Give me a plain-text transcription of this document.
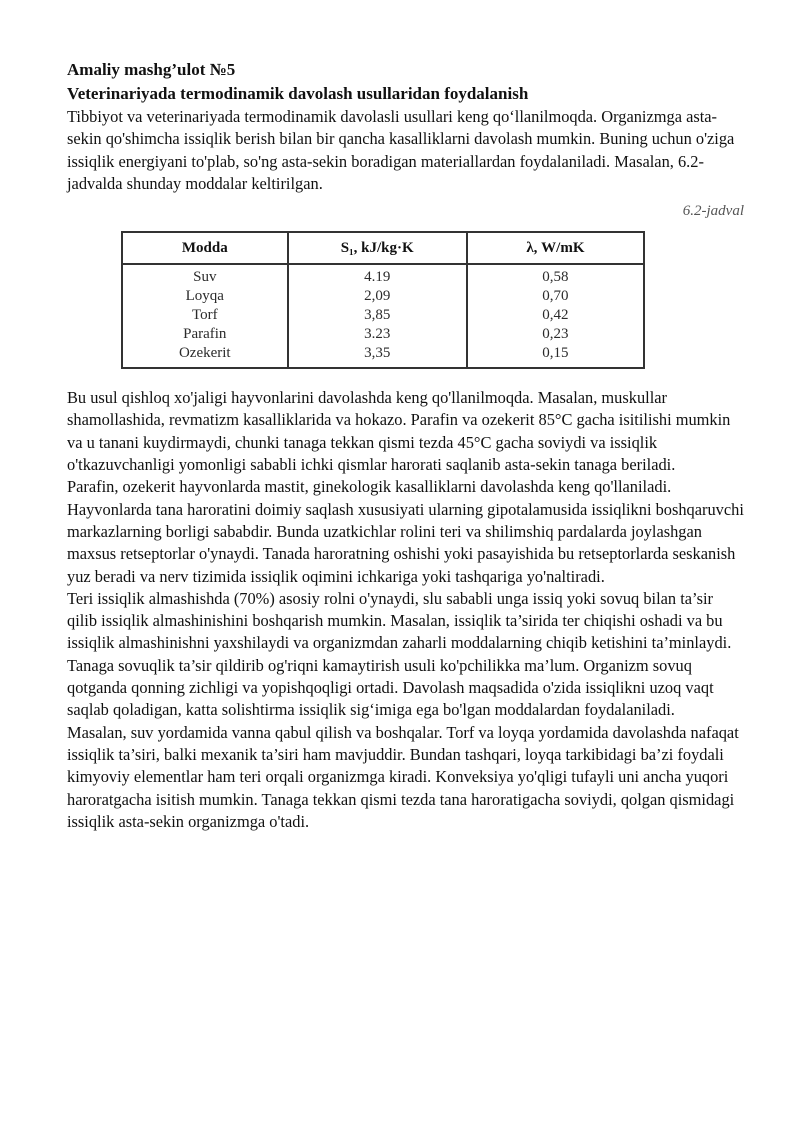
Amaliy mashg’ulot №5

Veterinariyada termodinamik davolash usullaridan foydalanish

Tibbiyot va veterinariyada termodinamik davolasli usullari keng qo‘llanilmoqda. Organizmga asta-sekin qo'shimcha issiqlik berish bilan bir qancha kasalliklarni davolash mumkin. Buning uchun o'ziga issiqlik energiyani to'plab, so'ng asta-sekin boradigan materiallardan foydalaniladi. Masalan, 6.2-jadvalda shunday moddalar keltirilgan.

6.2-jadval
Modda	S₁, kJ/kg·K	λ, W/mK
Suv	4.19	0,58
Loyqa	2,09	0,70
Torf	3,85	0,42
Parafin	3.23	0,23
Ozekerit	3,35	0,15

Bu usul qishloq xo'jaligi hayvonlarini davolashda keng qo'llanilmoqda. Masalan, muskullar shamollashida, revmatizm kasalliklarida va hokazo. Parafin va ozekerit 85°C gacha isitilishi mumkin va u tanani kuydirmaydi, chunki tanaga tekkan qismi tezda 45°C gacha soviydi va issiqlik o'tkazuvchanligi yomonligi sababli ichki qismlar harorati saqlanib asta-sekin tanaga beriladi.

Parafin, ozekerit hayvonlarda mastit, ginekologik kasalliklarni davolashda keng qo'llaniladi.

Hayvonlarda tana haroratini doimiy saqlash xususiyati ularning gipotalamusida issiqlikni boshqaruvchi markazlarning borligi sababdir. Bunda uzatkichlar rolini teri va shilimshiq pardalarda joylashgan maxsus retseptorlar o'ynaydi. Tanada haroratning oshishi yoki pasayishida bu retseptorlarda seskanish yuz beradi va nerv tizimida issiqlik oqimini ichkariga yoki tashqariga yo'naltiradi.

Teri issiqlik almashishda (70%) asosiy rolni o'ynaydi, slu sababli unga issiq yoki sovuq bilan ta’sir qilib issiqlik almashinishini boshqarish mumkin. Masalan, issiqlik ta’sirida ter chiqishi oshadi va bu issiqlik almashinishni yaxshilaydi va organizmdan zaharli moddalarning chiqib ketishini ta’minlaydi. Tanaga sovuqlik ta’sir qildirib og'riqni kamaytirish usuli ko'pchilikka ma’lum. Organizm sovuq qotganda qonning zichligi va yopishqoqligi ortadi. Davolash maqsadida o'zida issiqlikni uzoq vaqt saqlab qoladigan, katta solishtirma issiqlik sig‘imiga ega bo'lgan moddalardan foydalaniladi.

Masalan, suv yordamida vanna qabul qilish va boshqalar. Torf va loyqa yordamida davolashda nafaqat issiqlik ta’siri, balki mexanik ta’siri ham mavjuddir. Bundan tashqari, loyqa tarkibidagi ba’zi foydali kimyoviy elementlar ham teri orqali organizmga kiradi. Konveksiya yo'qligi tufayli uni ancha yuqori haroratgacha isitish mumkin. Tanaga tekkan qismi tezda tana haroratigacha soviydi, qolgan qismidagi issiqlik asta-sekin organizmga o'tadi.
